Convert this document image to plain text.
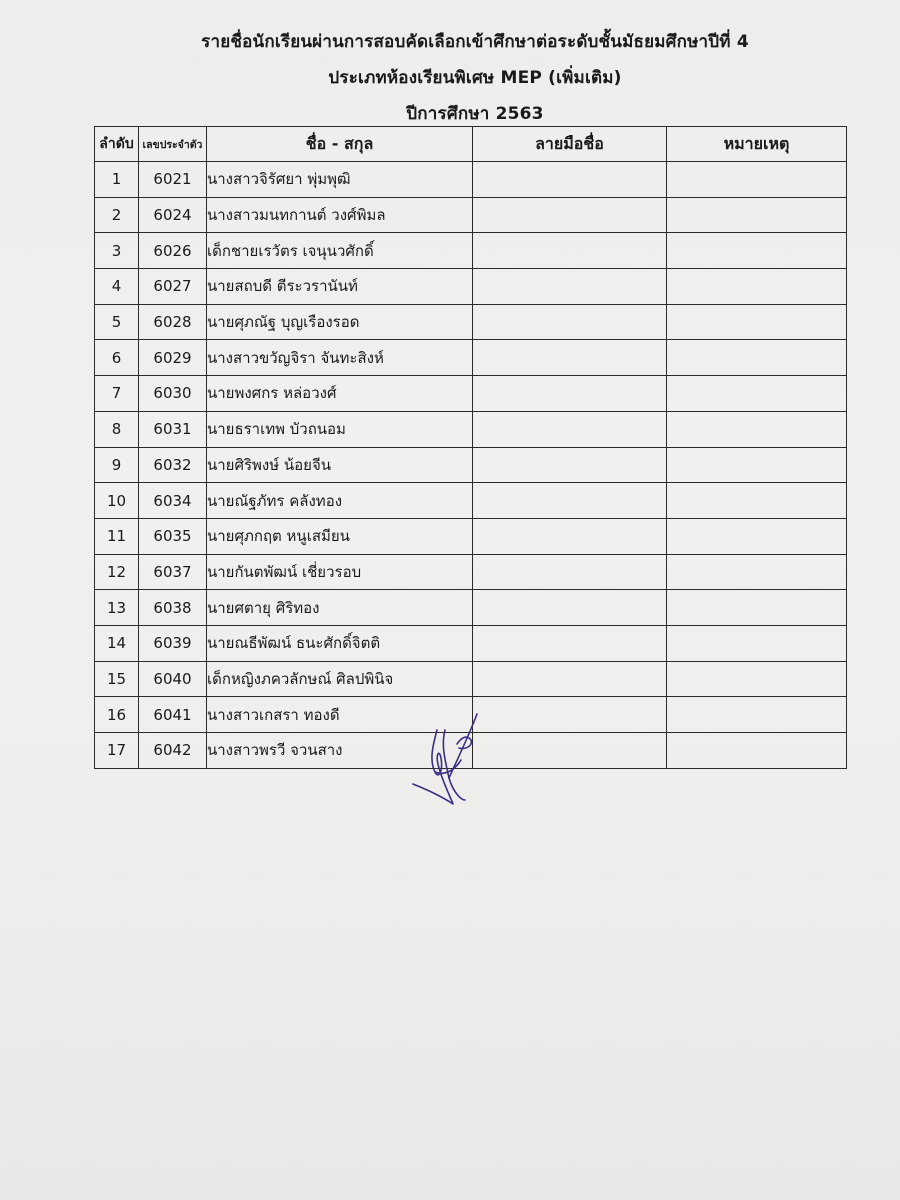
รายชื่อนักเรียนผ่านการสอบคัดเลือกเข้าศึกษาต่อระดับชั้นมัธยมศึกษาปีที่ 4
ประเภทห้องเรียนพิเศษ MEP (เพิ่มเติม)
ปีการศึกษา 2563
ลำดับ	เลขประจำตัว	ชื่อ - สกุล	ลายมือชื่อ	หมายเหตุ
1	6021	นางสาวจิรัศยา พุ่มพุฒิ		
2	6024	นางสาวมนทกานต์ วงศ์พิมล		
3	6026	เด็กชายเรวัตร เจนุนวศักดิ์		
4	6027	นายสถบดี ตีระวรานันท์		
5	6028	นายศุภณัฐ บุญเรืองรอด		
6	6029	นางสาวขวัญจิรา จันทะสิงห์		
7	6030	นายพงศกร หล่อวงศ์		
8	6031	นายธราเทพ บัวถนอม		
9	6032	นายศิริพงษ์ น้อยจีน		
10	6034	นายณัฐภัทร คลังทอง		
11	6035	นายศุภกฤต หนูเสมียน		
12	6037	นายกันตพัฒน์ เชี่ยวรอบ		
13	6038	นายศตายุ ศิริทอง		
14	6039	นายณธีพัฒน์ ธนะศักดิ์จิตติ		
15	6040	เด็กหญิงภควลักษณ์ ศิลปพินิจ		
16	6041	นางสาวเกสรา ทองดี		
17	6042	นางสาวพรวี จวนสาง		
